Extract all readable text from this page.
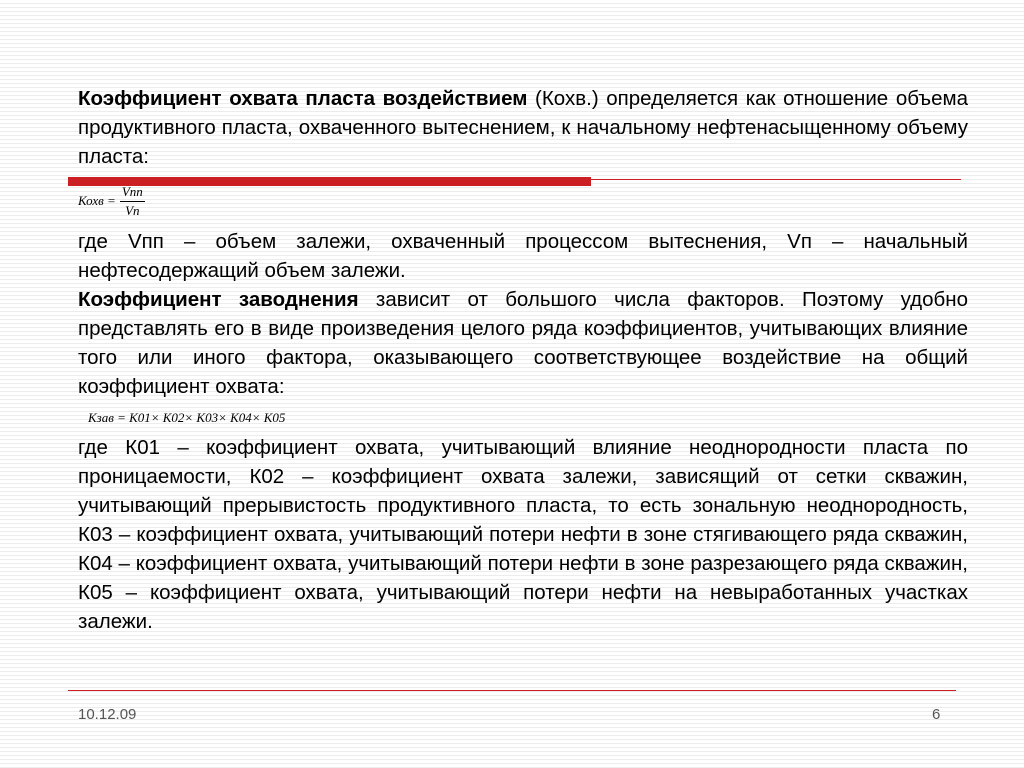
Коэффициент охвата пласта воздействием (Кохв.) определяется как отношение объема продуктивного пласта, охваченного вытеснением, к начальному нефтенасыщенному объему пласта:

Кохв = $\frac{\text{Vпп}}{Vп}$

где Vпп – объем залежи, охваченный процессом вытеснения, Vп – начальный нефтесодержащий объем залежи.

Коэффициент заводнения зависит от большого числа факторов. Поэтому удобно представлять его в виде произведения целого ряда коэффициентов, учитывающих влияние того или иного фактора, оказывающего соответствующее воздействие на общий коэффициент охвата:

Кзав = К01× К02× К03× К04× К05

где К01 – коэффициент охвата, учитывающий влияние неоднородности пласта по проницаемости, К02 – коэффициент охвата залежи, зависящий от сетки скважин, учитывающий прерывистость продуктивного пласта, то есть зональную неоднородность, К03 – коэффициент охвата, учитывающий потери нефти в зоне стягивающего ряда скважин, К04 – коэффициент охвата, учитывающий потери нефти в зоне разрезающего ряда скважин, К05 – коэффициент охвата, учитывающий потери нефти на невыработанных участках залежи.

10.12.09	6
